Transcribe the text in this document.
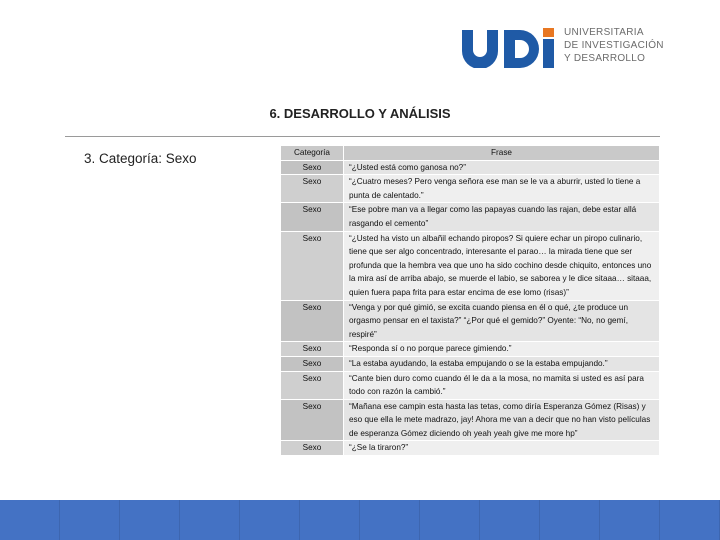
UNIVERSITARIA
DE INVESTIGACIÓN
Y DESARROLLO
6. DESARROLLO Y ANÁLISIS
3. Categoría: Sexo	Categoría	Frase
Sexo	“¿Usted está como ganosa no?”
Sexo	“¿Cuatro meses? Pero venga señora ese man se le va a aburrir, usted lo tiene a punta de calentado.”
Sexo	“Ese pobre man va a llegar como las papayas cuando las rajan, debe estar allá rasgando el cemento”
Sexo	“¿Usted ha visto un albañil echando piropos? Si quiere echar un piropo culinario, tiene que ser algo concentrado, interesante el parao… la mirada tiene que ser profunda que la hembra vea que uno ha sido cochino desde chiquito, entonces uno la mira así de arriba abajo, se muerde el labio, se saborea y le dice sitaaa… sitaaa, quien fuera papa frita para estar encima de ese lomo (risas)”
Sexo	“Venga y por qué gimió, se excita cuando piensa en él o qué, ¿te produce un orgasmo pensar en el taxista?” “¿Por qué el gemido?” Oyente: “No, no gemí, respiré”
Sexo	“Responda sí o no porque parece gimiendo.”
Sexo	“La estaba ayudando, la estaba empujando o se la estaba empujando.”
Sexo	“Cante bien duro como cuando él le da a la mosa, no mamita si usted es así para todo con razón la cambió.”
Sexo	“Mañana ese campin esta hasta las tetas, como diría Esperanza Gómez (Risas) y eso que ella le mete madrazo, jay! Ahora me van a decir que no han visto películas de esperanza Gómez diciendo oh yeah yeah give me more hp”
Sexo	“¿Se la tiraron?”
